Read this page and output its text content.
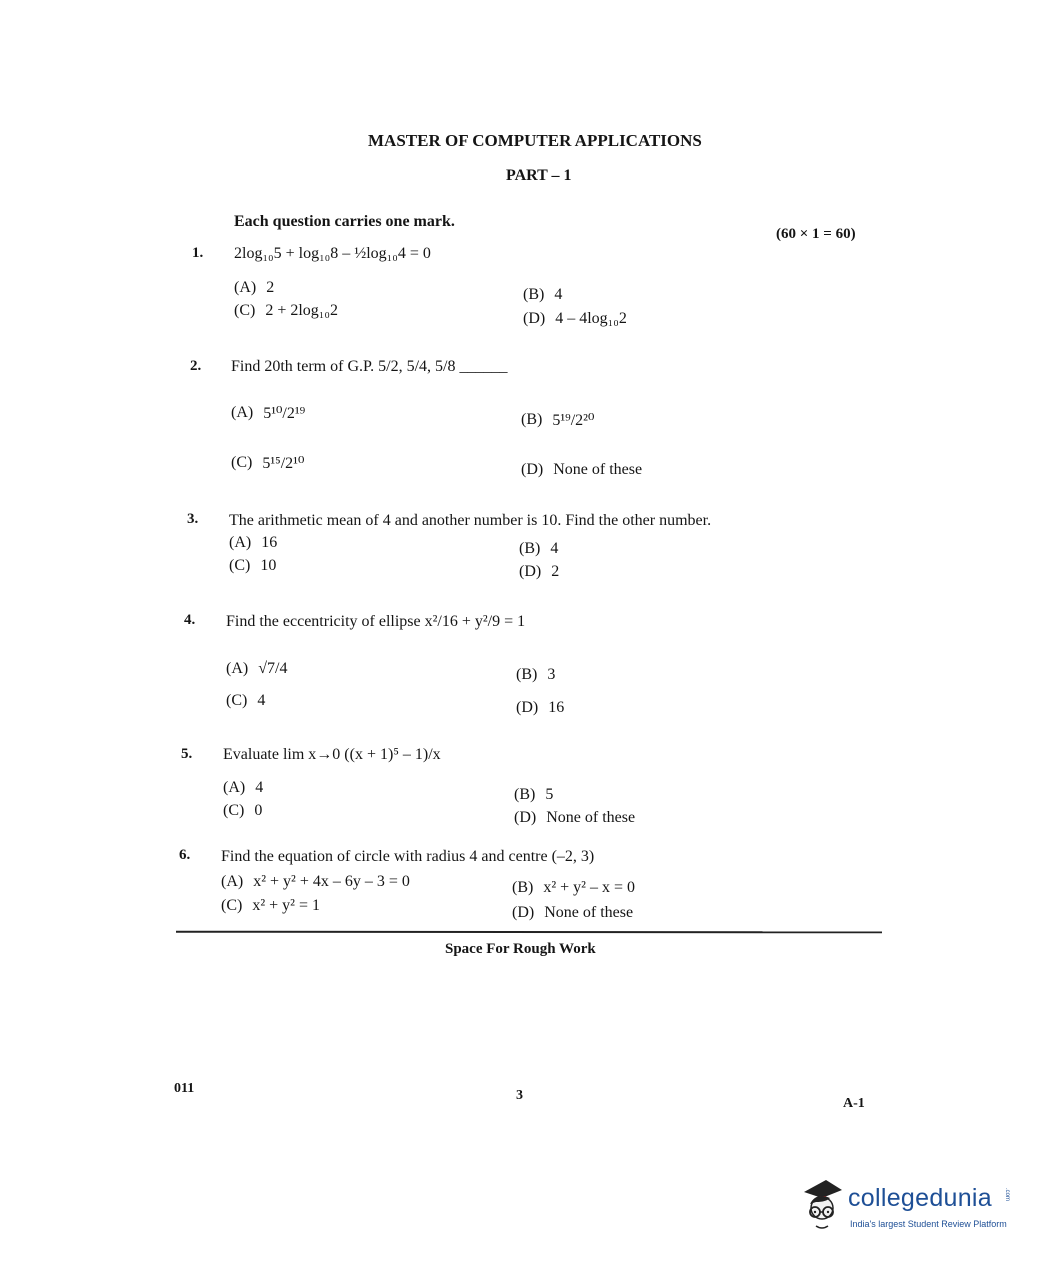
MASTER OF COMPUTER APPLICATIONS
PART – 1
Each question carries one mark.
(60 × 1 = 60)
1. 2log₁₀5 + log₁₀8 – ½log₁₀4 = 0
(A) 2	(B) 4
(C) 2 + 2log₁₀2	(D) 4 – 4log₁₀2
2. Find 20th term of G.P. 5/2, 5/4, 5/8 ______
(A) 5¹⁰/2¹⁹	(B) 5¹⁹/2²⁰
(C) 5¹⁵/2¹⁰	(D) None of these
3. The arithmetic mean of 4 and another number is 10. Find the other number.
(A) 16	(B) 4
(C) 10	(D) 2
4. Find the eccentricity of ellipse x²/16 + y²/9 = 1
(A) √7/4	(B) 3
(C) 4	(D) 16
5. Evaluate lim x→0 ((x + 1)⁵ – 1)/x
(A) 4	(B) 5
(C) 0	(D) None of these
6. Find the equation of circle with radius 4 and centre (–2, 3)
(A) x² + y² + 4x – 6y – 3 = 0	(B) x² + y² – x = 0
(C) x² + y² = 1	(D) None of these
Space For Rough Work
011	3
A-1
collegedunia .com
India's largest Student Review Platform
